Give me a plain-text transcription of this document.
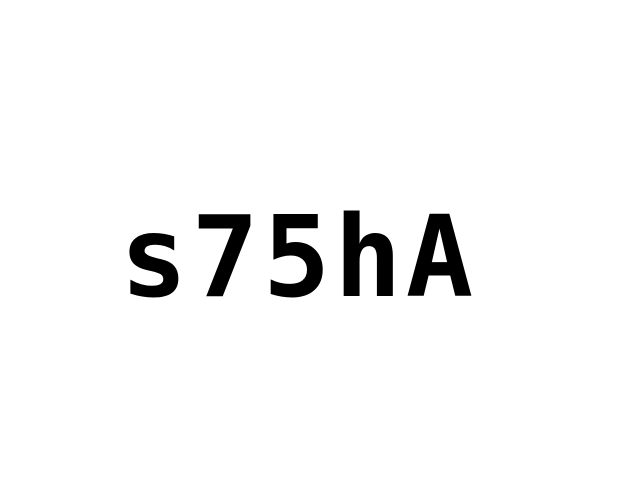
s75hA
